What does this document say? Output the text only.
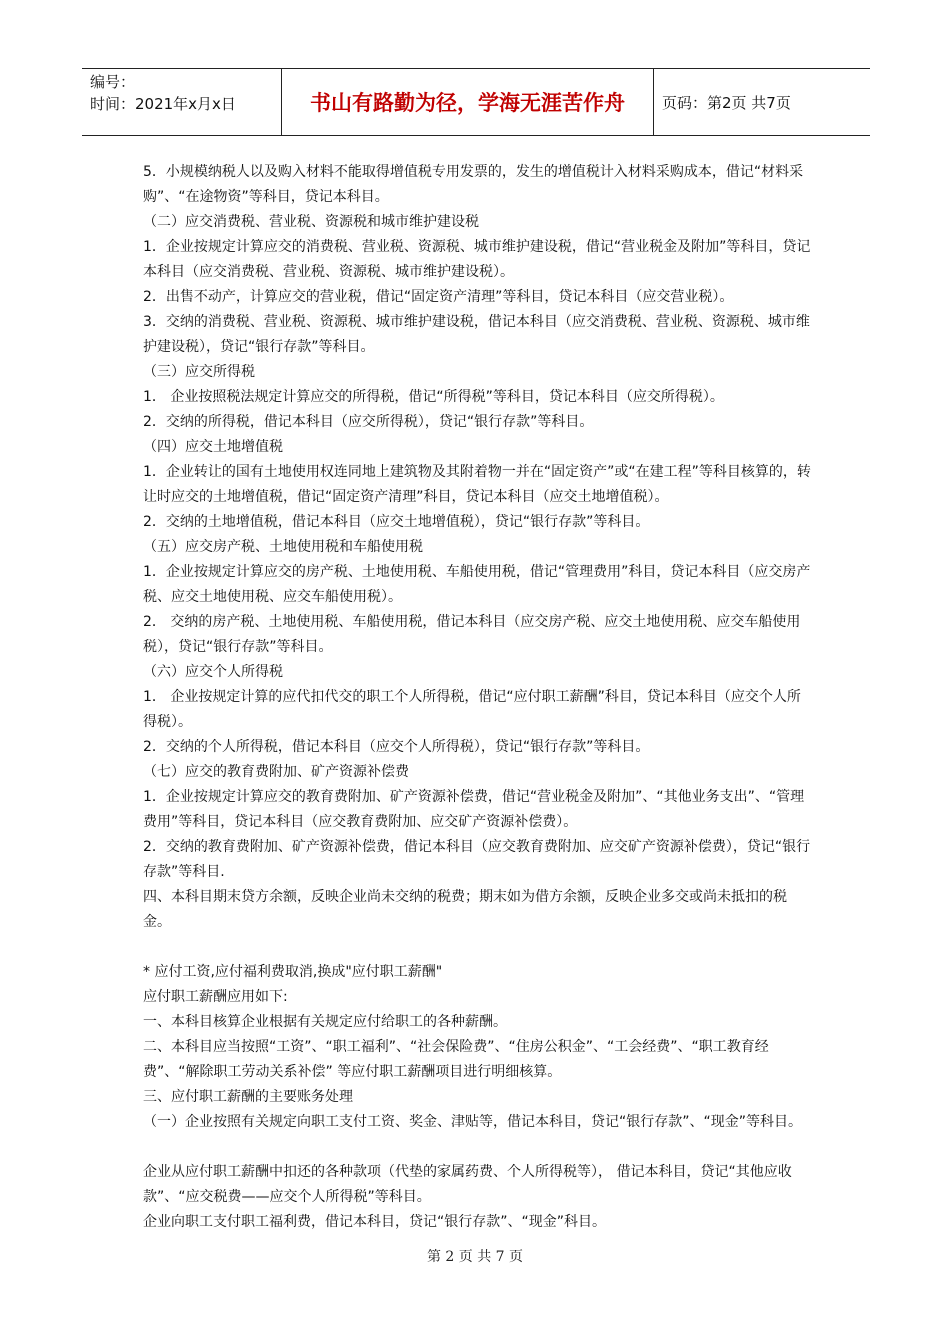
编号：
时间：2021年x月x日	书山有路勤为径，学海无涯苦作舟	页码：第2页 共7页

5．小规模纳税人以及购入材料不能取得增值税专用发票的，发生的增值税计入材料采购成本，借记“材料采购”、“在途物资”等科目，贷记本科目。

（二）应交消费税、营业税、资源税和城市维护建设税

1．企业按规定计算应交的消费税、营业税、资源税、城市维护建设税，借记“营业税金及附加”等科目，贷记本科目（应交消费税、营业税、资源税、城市维护建设税）。

2．出售不动产，计算应交的营业税，借记“固定资产清理”等科目，贷记本科目（应交营业税）。

3．交纳的消费税、营业税、资源税、城市维护建设税，借记本科目（应交消费税、营业税、资源税、城市维护建设税），贷记“银行存款”等科目。

（三）应交所得税

1． 企业按照税法规定计算应交的所得税，借记“所得税”等科目，贷记本科目（应交所得税）。

2．交纳的所得税，借记本科目（应交所得税），贷记“银行存款”等科目。

（四）应交土地增值税

1．企业转让的国有土地使用权连同地上建筑物及其附着物一并在“固定资产”或“在建工程”等科目核算的，转让时应交的土地增值税，借记“固定资产清理”科目，贷记本科目（应交土地增值税）。

2．交纳的土地增值税，借记本科目（应交土地增值税），贷记“银行存款”等科目。

（五）应交房产税、土地使用税和车船使用税

1．企业按规定计算应交的房产税、土地使用税、车船使用税，借记“管理费用”科目，贷记本科目（应交房产税、应交土地使用税、应交车船使用税）。

2． 交纳的房产税、土地使用税、车船使用税，借记本科目（应交房产税、应交土地使用税、应交车船使用税），贷记“银行存款”等科目。

（六）应交个人所得税

1． 企业按规定计算的应代扣代交的职工个人所得税，借记“应付职工薪酬”科目，贷记本科目（应交个人所得税）。

2．交纳的个人所得税，借记本科目（应交个人所得税），贷记“银行存款”等科目。

（七）应交的教育费附加、矿产资源补偿费

1．企业按规定计算应交的教育费附加、矿产资源补偿费，借记“营业税金及附加”、“其他业务支出”、“管理费用”等科目，贷记本科目（应交教育费附加、应交矿产资源补偿费）。

2．交纳的教育费附加、矿产资源补偿费，借记本科目（应交教育费附加、应交矿产资源补偿费），贷记“银行存款”等科目.

四、本科目期末贷方余额，反映企业尚未交纳的税费；期末如为借方余额，反映企业多交或尚未抵扣的税金。

* 应付工资,应付福利费取消,换成"应付职工薪酬"

应付职工薪酬应用如下:

一、本科目核算企业根据有关规定应付给职工的各种薪酬。

二、本科目应当按照“工资”、“职工福利”、“社会保险费”、“住房公积金”、“工会经费”、“职工教育经费”、“解除职工劳动关系补偿” 等应付职工薪酬项目进行明细核算。

三、应付职工薪酬的主要账务处理

（一）企业按照有关规定向职工支付工资、奖金、津贴等，借记本科目，贷记“银行存款”、“现金”等科目。

企业从应付职工薪酬中扣还的各种款项（代垫的家属药费、个人所得税等）， 借记本科目，贷记“其他应收款”、“应交税费——应交个人所得税”等科目。

企业向职工支付职工福利费，借记本科目，贷记“银行存款”、“现金”科目。

第 2 页 共 7 页
